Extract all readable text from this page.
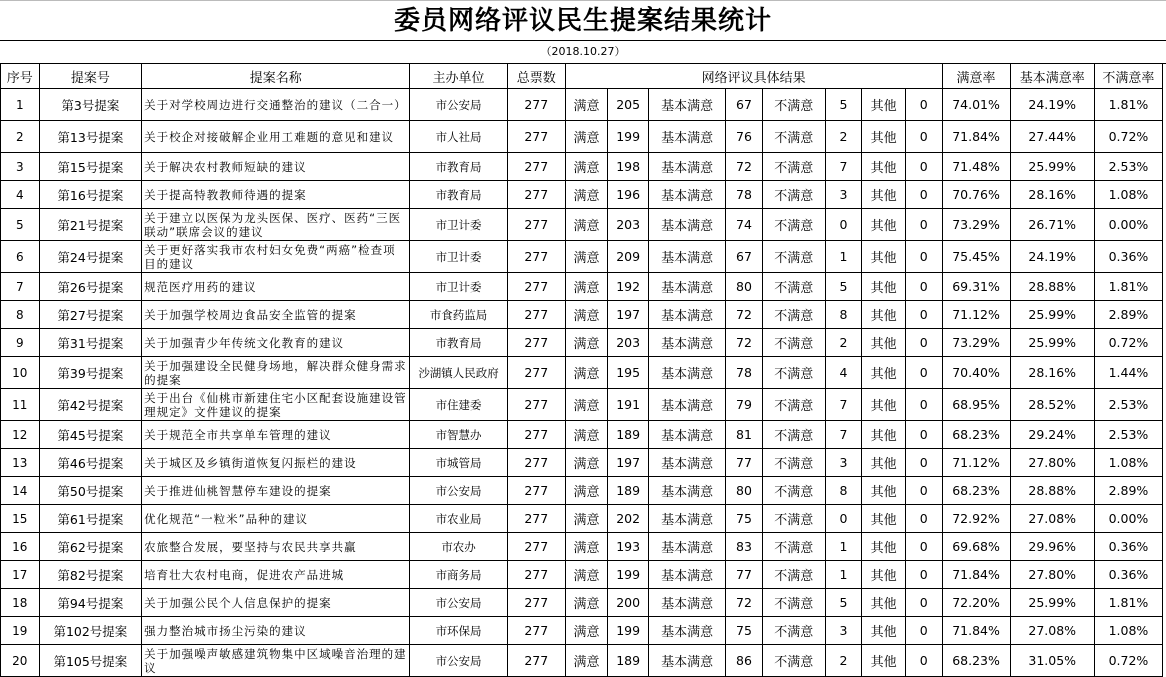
委员网络评议民生提案结果统计
（2018.10.27）
序号	提案号	提案名称	主办单位	总票数	网络评议具体结果								满意率	基本满意率	不满意率
1	第3号提案	关于对学校周边进行交通整治的建议（二合一）	市公安局	277	满意	205	基本满意	67	不满意	5	其他	0	74.01%	24.19%	1.81%
2	第13号提案	关于校企对接破解企业用工难题的意见和建议	市人社局	277	满意	199	基本满意	76	不满意	2	其他	0	71.84%	27.44%	0.72%
3	第15号提案	关于解决农村教师短缺的建议	市教育局	277	满意	198	基本满意	72	不满意	7	其他	0	71.48%	25.99%	2.53%
4	第16号提案	关于提高特教教师待遇的提案	市教育局	277	满意	196	基本满意	78	不满意	3	其他	0	70.76%	28.16%	1.08%
5	第21号提案	关于建立以医保为龙头医保、医疗、医药“三医联动”联席会议的建议	市卫计委	277	满意	203	基本满意	74	不满意	0	其他	0	73.29%	26.71%	0.00%
6	第24号提案	关于更好落实我市农村妇女免费“两癌”检查项目的建议	市卫计委	277	满意	209	基本满意	67	不满意	1	其他	0	75.45%	24.19%	0.36%
7	第26号提案	规范医疗用药的建议	市卫计委	277	满意	192	基本满意	80	不满意	5	其他	0	69.31%	28.88%	1.81%
8	第27号提案	关于加强学校周边食品安全监管的提案	市食药监局	277	满意	197	基本满意	72	不满意	8	其他	0	71.12%	25.99%	2.89%
9	第31号提案	关于加强青少年传统文化教育的建议	市教育局	277	满意	203	基本满意	72	不满意	2	其他	0	73.29%	25.99%	0.72%
10	第39号提案	关于加强建设全民健身场地，解决群众健身需求的提案	沙湖镇人民政府	277	满意	195	基本满意	78	不满意	4	其他	0	70.40%	28.16%	1.44%
11	第42号提案	关于出台《仙桃市新建住宅小区配套设施建设管理规定》文件建议的提案	市住建委	277	满意	191	基本满意	79	不满意	7	其他	0	68.95%	28.52%	2.53%
12	第45号提案	关于规范全市共享单车管理的建议	市智慧办	277	满意	189	基本满意	81	不满意	7	其他	0	68.23%	29.24%	2.53%
13	第46号提案	关于城区及乡镇街道恢复闪振栏的建设	市城管局	277	满意	197	基本满意	77	不满意	3	其他	0	71.12%	27.80%	1.08%
14	第50号提案	关于推进仙桃智慧停车建设的提案	市公安局	277	满意	189	基本满意	80	不满意	8	其他	0	68.23%	28.88%	2.89%
15	第61号提案	优化规范“一粒米”品种的建议	市农业局	277	满意	202	基本满意	75	不满意	0	其他	0	72.92%	27.08%	0.00%
16	第62号提案	农旅整合发展，要坚持与农民共享共赢	市农办	277	满意	193	基本满意	83	不满意	1	其他	0	69.68%	29.96%	0.36%
17	第82号提案	培育壮大农村电商，促进农产品进城	市商务局	277	满意	199	基本满意	77	不满意	1	其他	0	71.84%	27.80%	0.36%
18	第94号提案	关于加强公民个人信息保护的提案	市公安局	277	满意	200	基本满意	72	不满意	5	其他	0	72.20%	25.99%	1.81%
19	第102号提案	强力整治城市扬尘污染的建议	市环保局	277	满意	199	基本满意	75	不满意	3	其他	0	71.84%	27.08%	1.08%
20	第105号提案	关于加强噪声敏感建筑物集中区域噪音治理的建议	市公安局	277	满意	189	基本满意	86	不满意	2	其他	0	68.23%	31.05%	0.72%
